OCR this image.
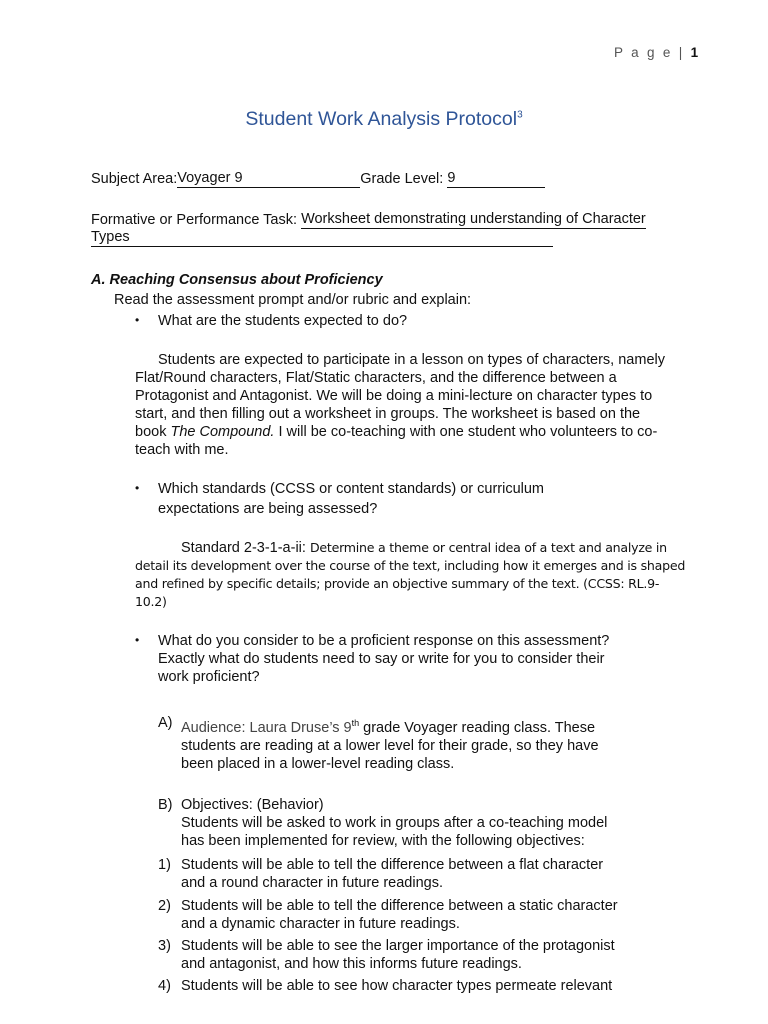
P a g e | 1
Student Work Analysis Protocol$^3$
Subject Area:Voyager 9	Grade Level: 9
Formative or Performance Task: Worksheet demonstrating understanding of Character
Types
A. Reaching Consensus about Proficiency
Read the assessment prompt and/or rubric and explain:
• What are the students expected to do?
Students are expected to participate in a lesson on types of characters, namely
Flat/Round characters, Flat/Static characters, and the difference between a
Protagonist and Antagonist. We will be doing a mini-lecture on character types to
start, and then filling out a worksheet in groups. The worksheet is based on the
book The Compound. I will be co-teaching with one student who volunteers to co-
teach with me.
• Which standards (CCSS or content standards) or curriculum
expectations are being assessed?
Standard 2-3-1-a-ii: Determine a theme or central idea of a text and analyze in
detail its development over the course of the text, including how it emerges and is shaped
and refined by specific details; provide an objective summary of the text. (CCSS: RL.9-
10.2)
• What do you consider to be a proficient response on this assessment?
Exactly what do students need to say or write for you to consider their
work proficient?
A) Audience: Laura Druse’s 9th grade Voyager reading class. These
students are reading at a lower level for their grade, so they have
been placed in a lower-level reading class.
B) Objectives: (Behavior)
Students will be asked to work in groups after a co-teaching model
has been implemented for review, with the following objectives:
1) Students will be able to tell the difference between a flat character
and a round character in future readings.
2) Students will be able to tell the difference between a static character
and a dynamic character in future readings.
3) Students will be able to see the larger importance of the protagonist
and antagonist, and how this informs future readings.
4) Students will be able to see how character types permeate relevant
